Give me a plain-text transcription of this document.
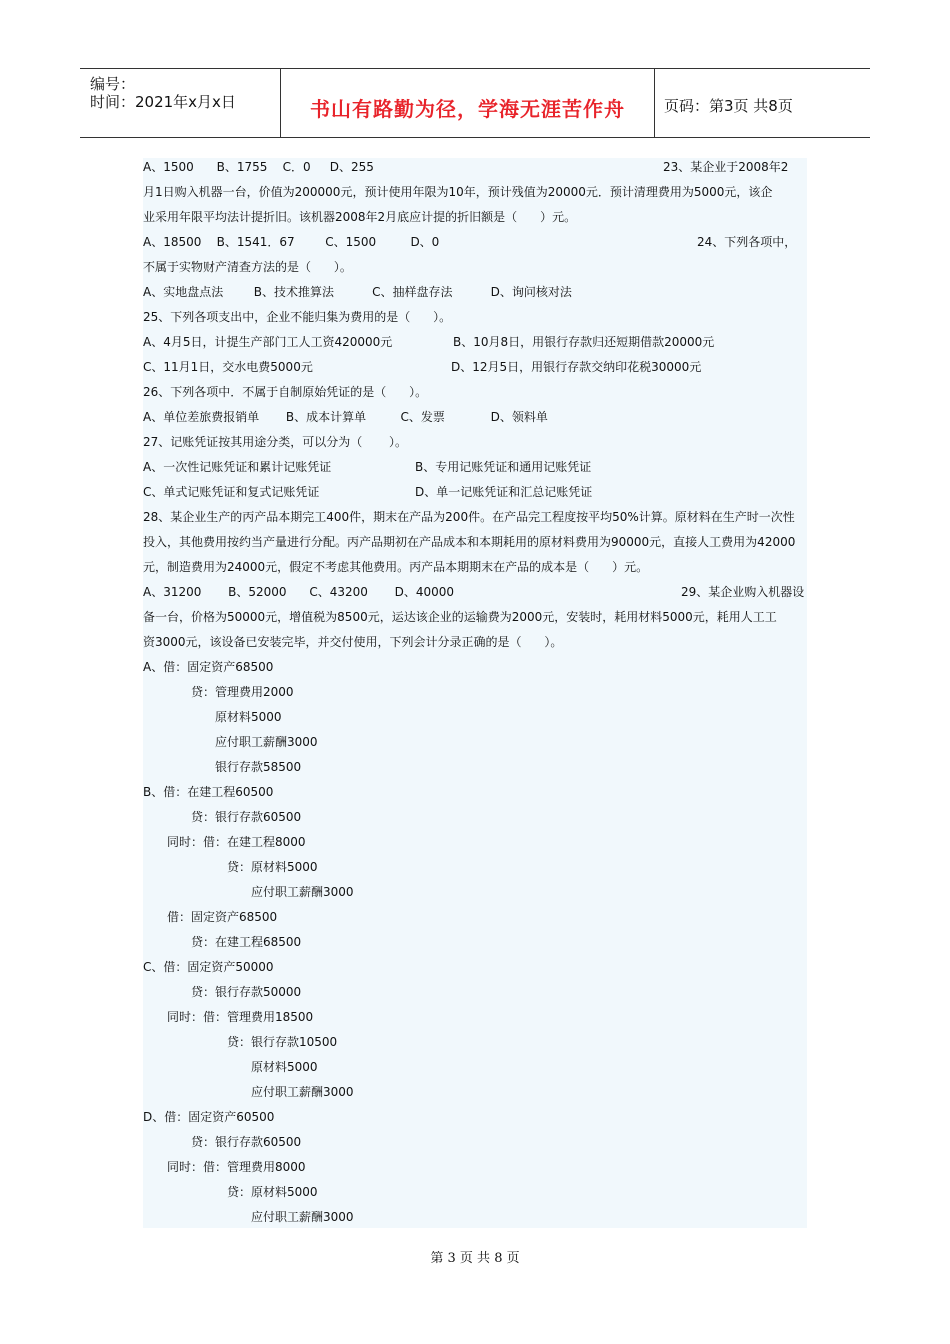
编号：
时间：2021年x月x日	书山有路勤为径，学海无涯苦作舟	页码：第3页 共8页
A、1500      B、1755    C．0     D、255	23、某企业于2008年2
月1日购入机器一台，价值为200000元，预计使用年限为10年，预计残值为20000元．预计清理费用为5000元，该企
业采用年限平均法计提折旧。该机器2008年2月底应计提的折旧额是（      ）元。
A、18500    B、1541．67        C、1500         D、0	24、下列各项中，
不属于实物财产清查方法的是（      ）。
A、实地盘点法        B、技术推算法          C、抽样盘存法          D、询问核对法
25、下列各项支出中，企业不能归集为费用的是（      ）。
A、4月5日，计提生产部门工人工资420000元	B、10月8日，用银行存款归还短期借款20000元
C、11月1日，交水电费5000元	D、12月5日，用银行存款交纳印花税30000元
26、下列各项中．不属于自制原始凭证的是（      ）。
A、单位差旅费报销单       B、成本计算单         C、发票            D、领料单
27、记账凭证按其用途分类，可以分为（       ）。
A、一次性记账凭证和累计记账凭证	B、专用记账凭证和通用记账凭证
C、单式记账凭证和复式记账凭证	D、单一记账凭证和汇总记账凭证
28、某企业生产的丙产品本期完工400件，期末在产品为200件。在产品完工程度按平均50%计算。原材料在生产时一次性
投入，其他费用按约当产量进行分配。丙产品期初在产品成本和本期耗用的原材料费用为90000元，直接人工费用为42000
元，制造费用为24000元，假定不考虑其他费用。丙产品本期期末在产品的成本是（      ）元。
A、31200       B、52000      C、43200       D、40000	29、某企业购入机器设
备一台，价格为50000元，增值税为8500元，运达该企业的运输费为2000元，安装时，耗用材料5000元，耗用人工工
资3000元，该设备已安装完毕，并交付使用，下列会计分录正确的是（      ）。
A、借：固定资产68500
贷：管理费用2000
原材料5000
应付职工薪酬3000
银行存款58500
B、借：在建工程60500
贷：银行存款60500
同时：借：在建工程8000
贷：原材料5000
应付职工薪酬3000
借：固定资产68500
贷：在建工程68500
C、借：固定资产50000
贷：银行存款50000
同时：借：管理费用18500
贷：银行存款10500
原材料5000
应付职工薪酬3000
D、借：固定资产60500
贷：银行存款60500
同时：借：管理费用8000
贷：原材料5000
应付职工薪酬3000
第 3 页 共 8 页
